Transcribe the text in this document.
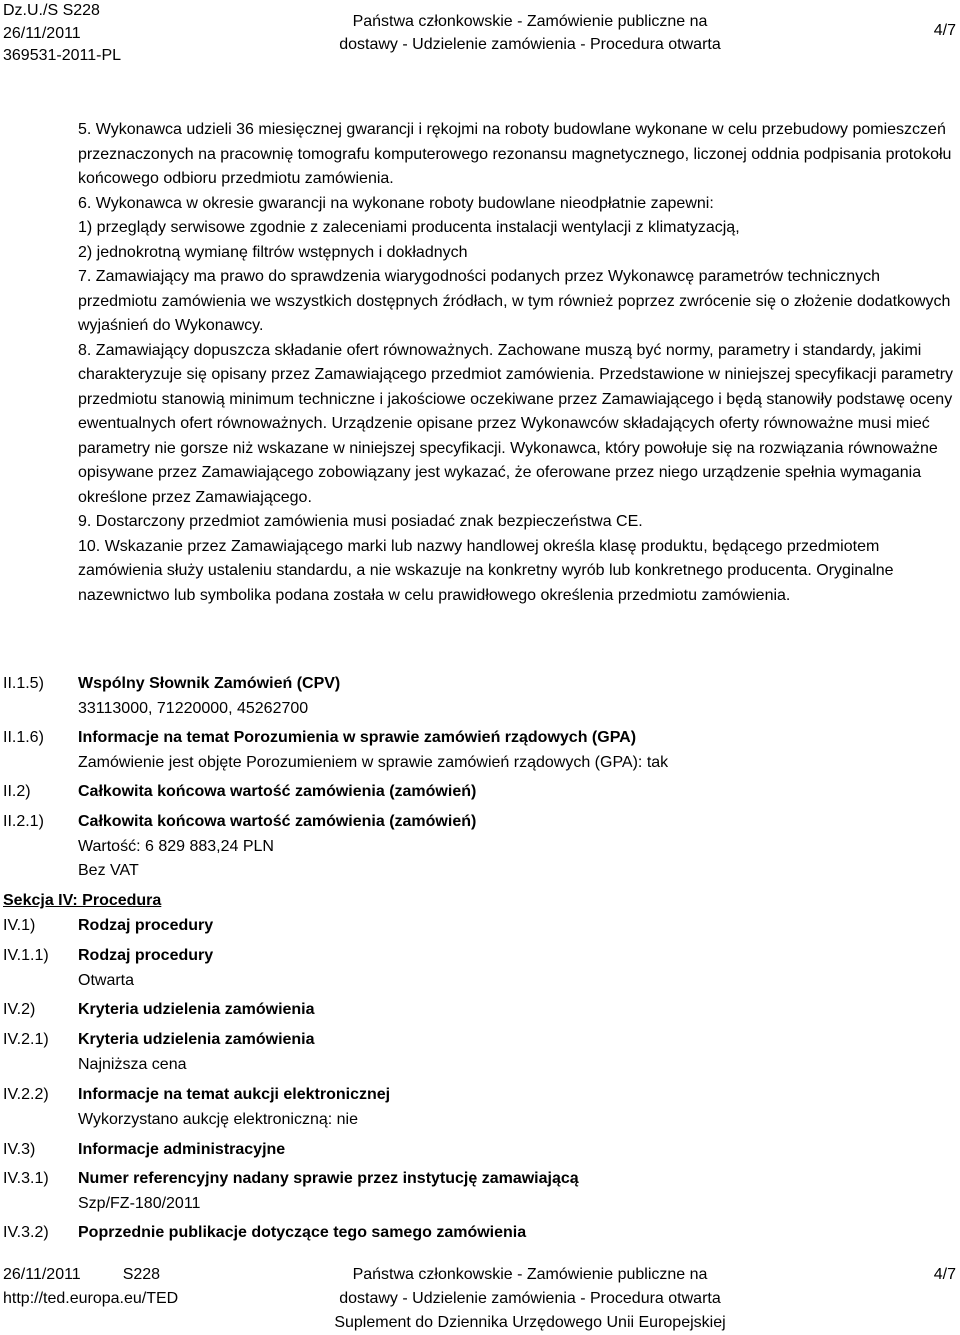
Dz.U./S S228
26/11/2011
369531-2011-PL
Państwa członkowskie - Zamówienie publiczne na
dostawy - Udzielenie zamówienia - Procedura otwarta
4/7

5. Wykonawca udzieli 36 miesięcznej gwarancji i rękojmi na roboty budowlane wykonane w celu przebudowy pomieszczeń przeznaczonych na pracownię tomografu komputerowego rezonansu magnetycznego, liczonej oddnia podpisania protokołu końcowego odbioru przedmiotu zamówienia.

6. Wykonawca w okresie gwarancji na wykonane roboty budowlane nieodpłatnie zapewni:

1) przeglądy serwisowe zgodnie z zaleceniami producenta instalacji wentylacji z klimatyzacją,

2) jednokrotną wymianę filtrów wstępnych i dokładnych

7. Zamawiający ma prawo do sprawdzenia wiarygodności podanych przez Wykonawcę parametrów technicznych przedmiotu zamówienia we wszystkich dostępnych źródłach, w tym również poprzez zwrócenie się o złożenie dodatkowych wyjaśnień do Wykonawcy.

8. Zamawiający dopuszcza składanie ofert równoważnych. Zachowane muszą być normy, parametry i standardy, jakimi charakteryzuje się opisany przez Zamawiającego przedmiot zamówienia. Przedstawione w niniejszej specyfikacji parametry przedmiotu stanowią minimum techniczne i jakościowe oczekiwane przez Zamawiającego i będą stanowiły podstawę oceny ewentualnych ofert równoważnych. Urządzenie opisane przez Wykonawców składających oferty równoważne musi mieć parametry nie gorsze niż wskazane w niniejszej specyfikacji. Wykonawca, który powołuje się na rozwiązania równoważne opisywane przez Zamawiającego zobowiązany jest wykazać, że oferowane przez niego urządzenie spełnia wymagania określone przez Zamawiającego.

9. Dostarczony przedmiot zamówienia musi posiadać znak bezpieczeństwa CE.

10. Wskazanie przez Zamawiającego marki lub nazwy handlowej określa klasę produktu, będącego przedmiotem zamówienia służy ustaleniu standardu, a nie wskazuje na konkretny wyrób lub konkretnego producenta. Oryginalne nazewnictwo lub symbolika podana została w celu prawidłowego określenia przedmiotu zamówienia.

II.1.5) Wspólny Słownik Zamówień (CPV)
33113000, 71220000, 45262700
II.1.6) Informacje na temat Porozumienia w sprawie zamówień rządowych (GPA)
Zamówienie jest objęte Porozumieniem w sprawie zamówień rządowych (GPA): tak
II.2)	Całkowita końcowa wartość zamówienia (zamówień)
II.2.1) Całkowita końcowa wartość zamówienia (zamówień)
Wartość: 6 829 883,24 PLN
Bez VAT
Sekcja IV: Procedura
IV.1)	Rodzaj procedury
IV.1.1) Rodzaj procedury
Otwarta
IV.2)	Kryteria udzielenia zamówienia
IV.2.1) Kryteria udzielenia zamówienia
Najniższa cena
IV.2.2) Informacje na temat aukcji elektronicznej
Wykorzystano aukcję elektroniczną: nie
IV.3)	Informacje administracyjne
IV.3.1) Numer referencyjny nadany sprawie przez instytucję zamawiającą
Szp/FZ-180/2011
IV.3.2) Poprzednie publikacje dotyczące tego samego zamówienia
26/11/2011	S228
http://ted.europa.eu/TED
Państwa członkowskie - Zamówienie publiczne na
dostawy - Udzielenie zamówienia - Procedura otwarta
Suplement do Dziennika Urzędowego Unii Europejskiej
4/7
